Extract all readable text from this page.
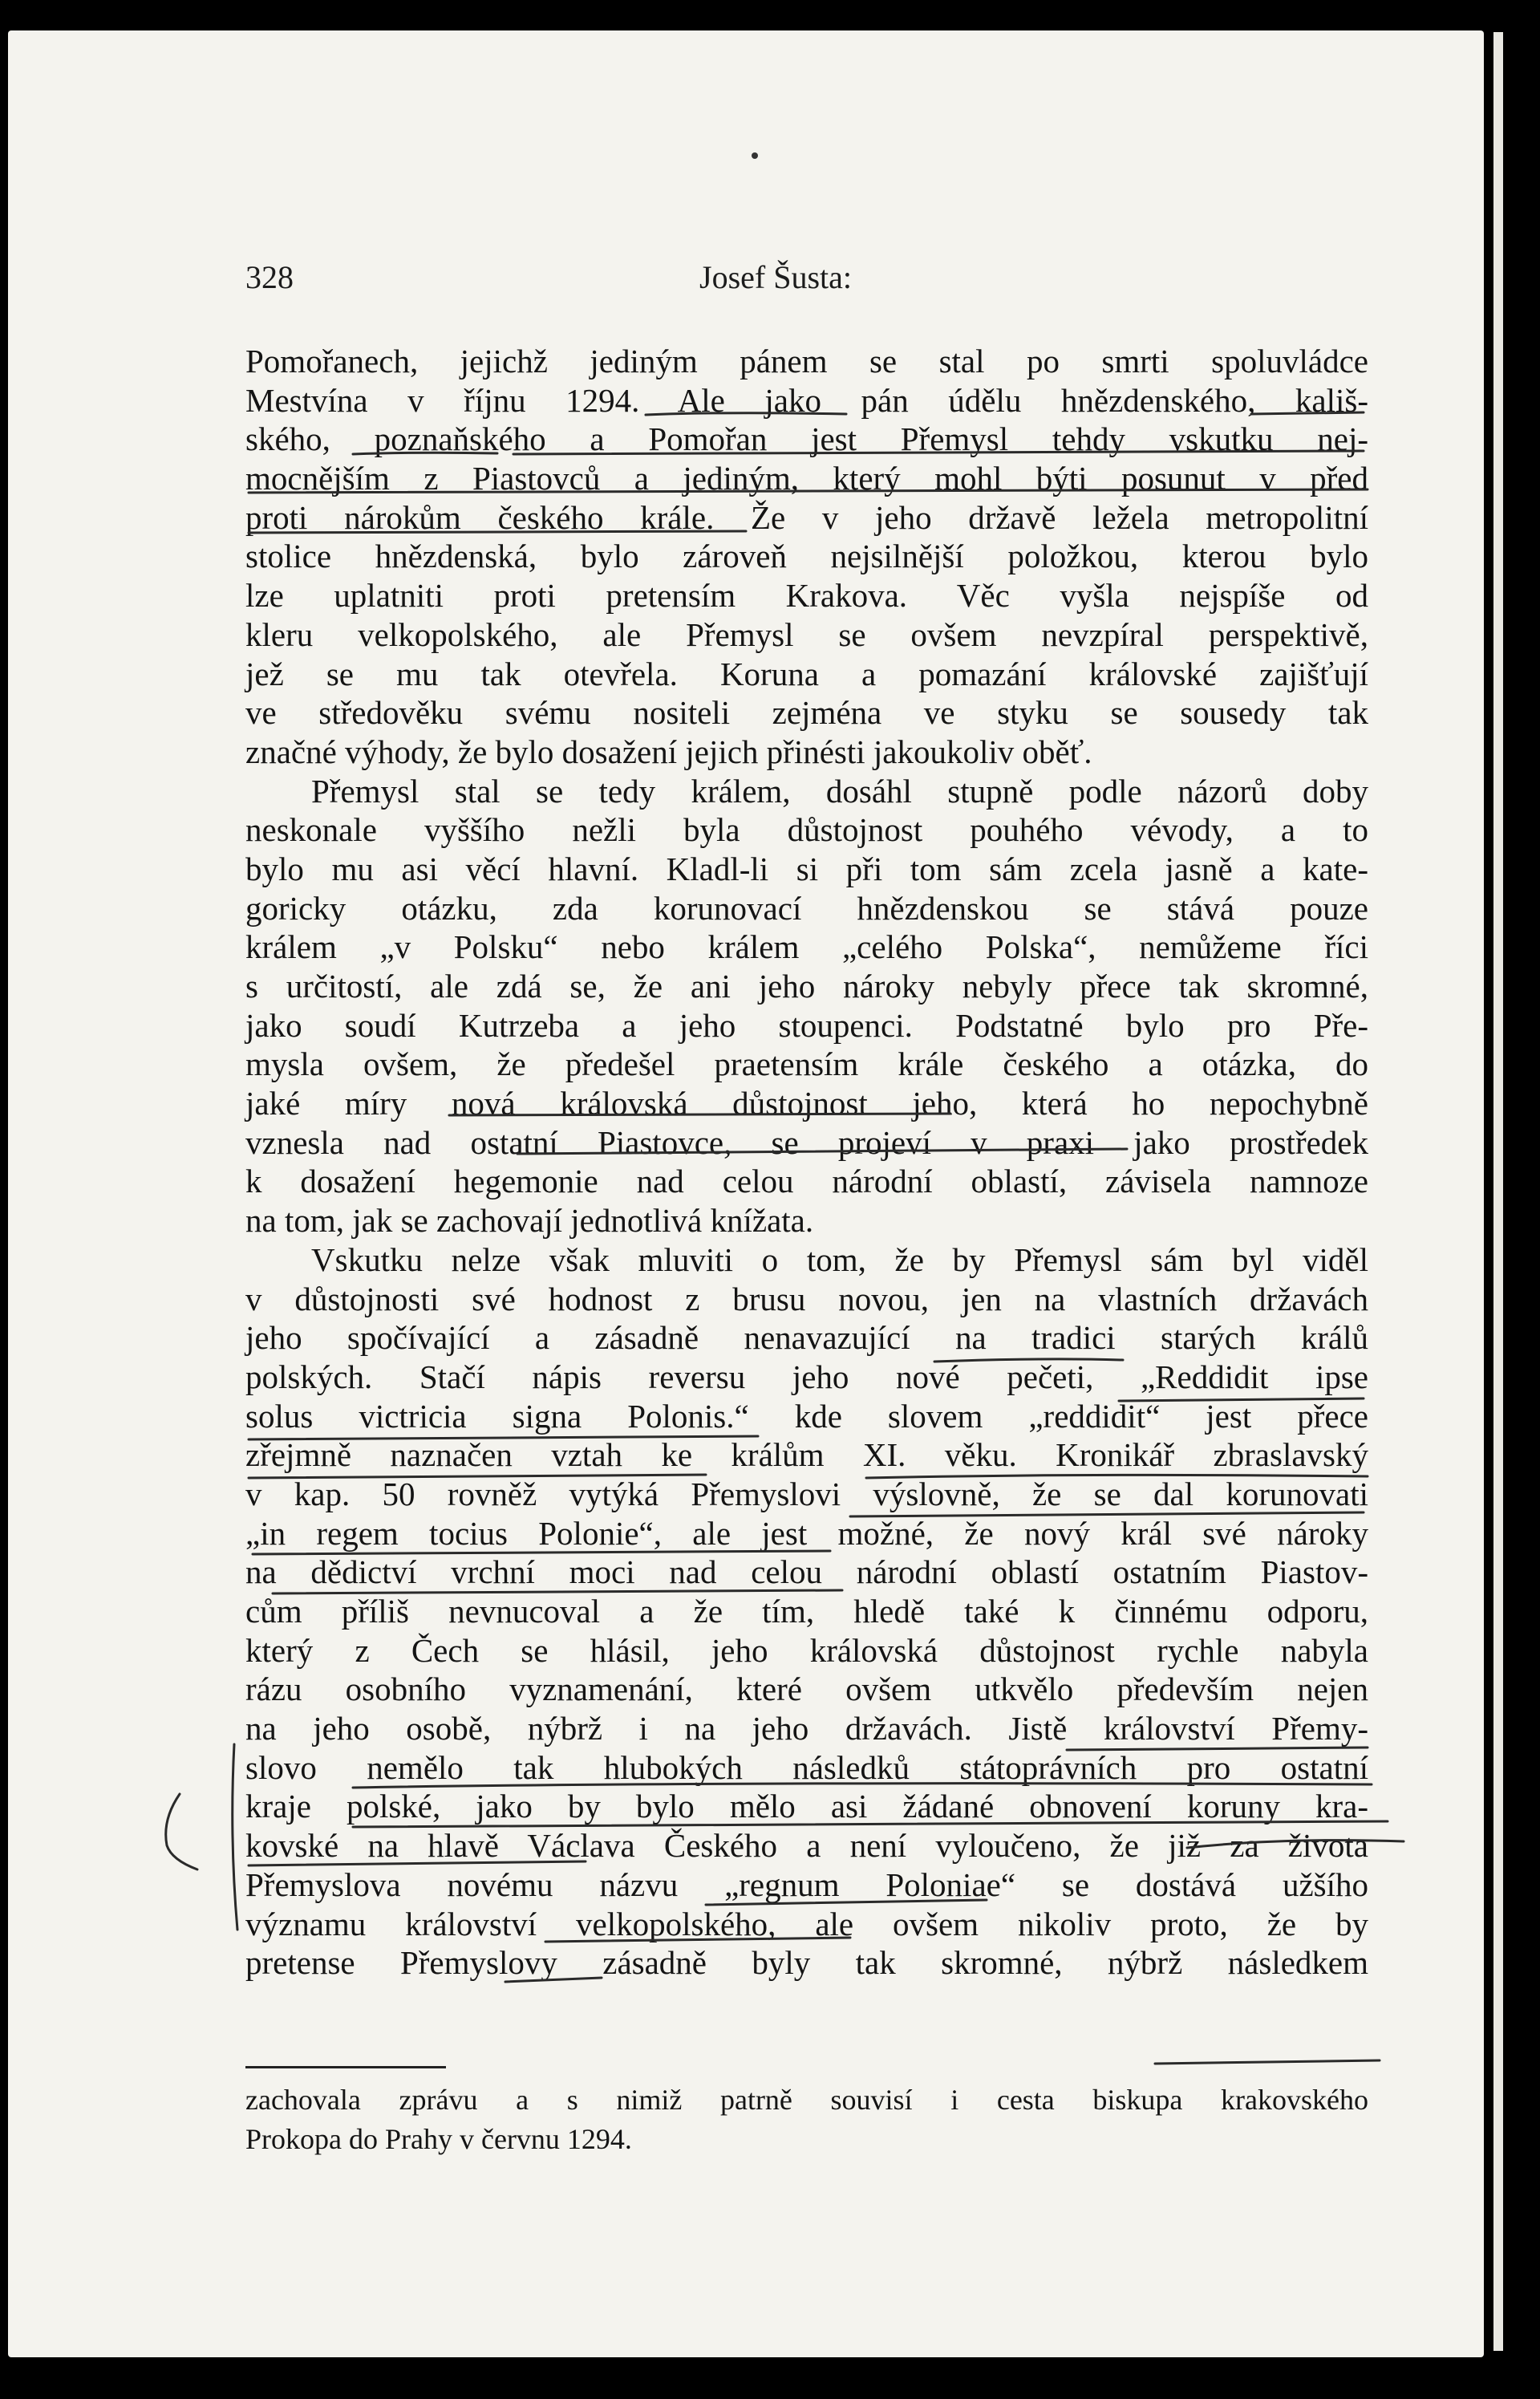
328	Josef Šusta:
Pomořanech, jejichž jediným pánem se stal po smrti spoluvládce
Mestvína v říjnu 1294. Ale jako pán údělu hnězdenského, kališ-
ského, poznaňského a Pomořan jest Přemysl tehdy vskutku nej-
mocnějším z Piastovců a jediným, který mohl býti posunut v před
proti nárokům českého krále. Že v jeho državě ležela metropolitní
stolice hnězdenská, bylo zároveň nejsilnější položkou, kterou bylo
lze uplatniti proti pretensím Krakova. Věc vyšla nejspíše od
kleru velkopolského, ale Přemysl se ovšem nevzpíral perspektivě,
jež se mu tak otevřela. Koruna a pomazání královské zajišťují
ve středověku svému nositeli zejména ve styku se sousedy tak
značné výhody, že bylo dosažení jejich přinésti jakoukoliv oběť.
Přemysl stal se tedy králem, dosáhl stupně podle názorů doby
neskonale vyššího nežli byla důstojnost pouhého vévody, a to
bylo mu asi věcí hlavní. Kladl-li si při tom sám zcela jasně a kate-
goricky otázku, zda korunovací hnězdenskou se stává pouze
králem „v Polsku“ nebo králem „celého Polska“, nemůžeme říci
s určitostí, ale zdá se, že ani jeho nároky nebyly přece tak skromné,
jako soudí Kutrzeba a jeho stoupenci. Podstatné bylo pro Pře-
mysla ovšem, že předešel praetensím krále českého a otázka, do
jaké míry nová královská důstojnost jeho, která ho nepochybně
vznesla nad ostatní Piastovce, se projeví v praxi jako prostředek
k dosažení hegemonie nad celou národní oblastí, závisela namnoze
na tom, jak se zachovají jednotlivá knížata.
Vskutku nelze však mluviti o tom, že by Přemysl sám byl viděl
v důstojnosti své hodnost z brusu novou, jen na vlastních državách
jeho spočívající a zásadně nenavazující na tradici starých králů
polských. Stačí nápis reversu jeho nové pečeti, „Reddidit ipse
solus victricia signa Polonis.“ kde slovem „reddidit“ jest přece
zřejmně naznačen vztah ke králům XI. věku. Kronikář zbraslavský
v kap. 50 rovněž vytýká Přemyslovi výslovně, že se dal korunovati
„in regem tocius Polonie“, ale jest možné, že nový král své nároky
na dědictví vrchní moci nad celou národní oblastí ostatním Piastov-
cům příliš nevnucoval a že tím, hledě také k činnému odporu,
který z Čech se hlásil, jeho královská důstojnost rychle nabyla
rázu osobního vyznamenání, které ovšem utkvělo především nejen
na jeho osobě, nýbrž i na jeho državách. Jistě království Přemy-
slovo nemělo tak hlubokých následků státoprávních pro ostatní
kraje polské, jako by bylo mělo asi žádané obnovení koruny kra-
kovské na hlavě Václava Českého a není vyloučeno, že již za života
Přemyslova novému názvu „regnum Poloniae“ se dostává užšího
významu království velkopolského, ale ovšem nikoliv proto, že by
pretense Přemyslovy zásadně byly tak skromné, nýbrž následkem
zachovala zprávu a s nimiž patrně souvisí i cesta biskupa krakovského
Prokopa do Prahy v červnu 1294.
